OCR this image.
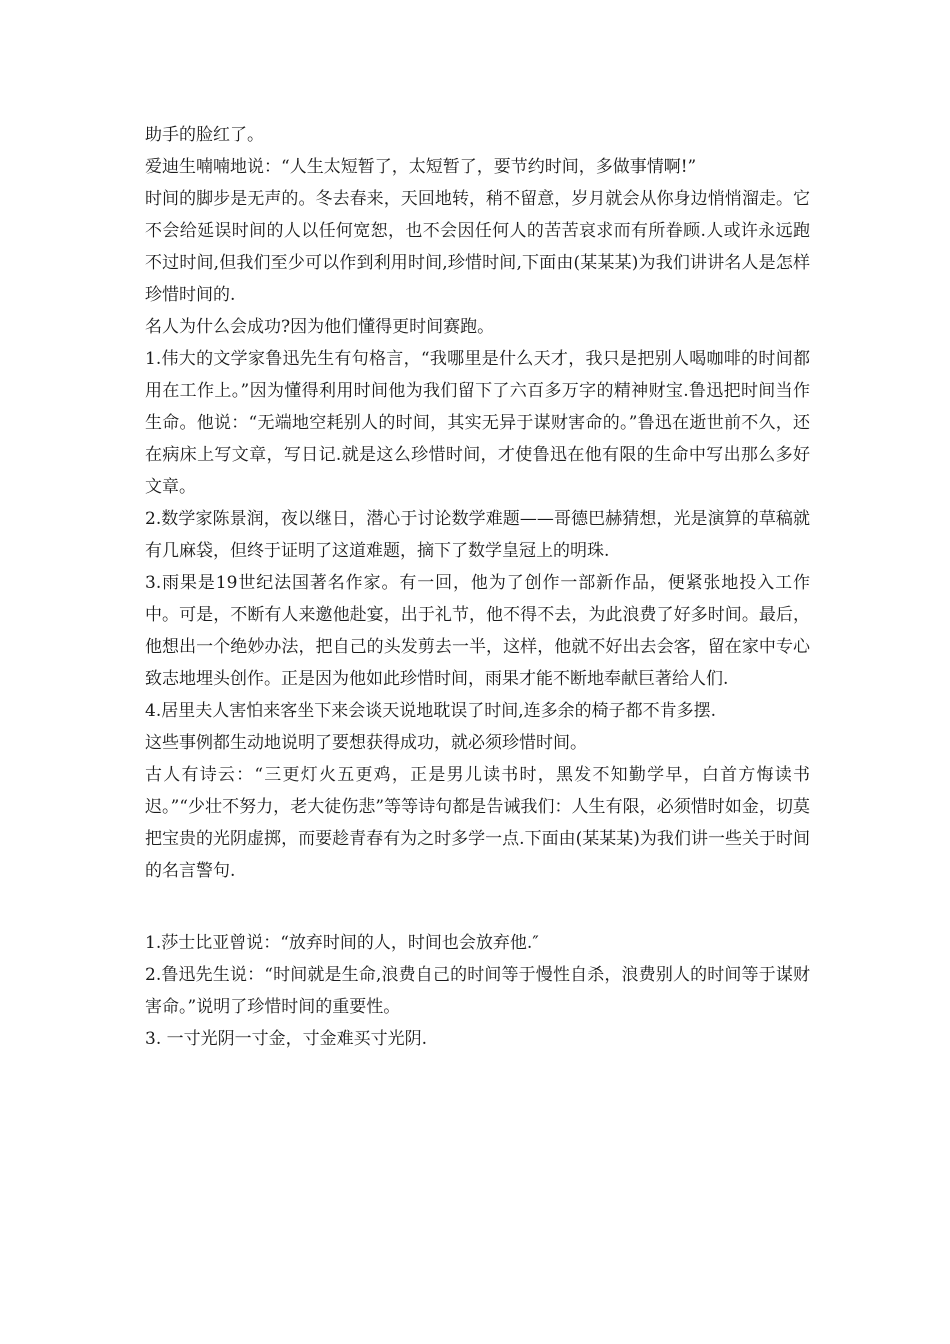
助手的脸红了。

爱迪生喃喃地说：“人生太短暂了，太短暂了，要节约时间，多做事情啊!”

时间的脚步是无声的。冬去春来，天回地转，稍不留意，岁月就会从你身边悄悄溜走。它不会给延误时间的人以任何宽恕，也不会因任何人的苦苦哀求而有所眷顾.人或许永远跑不过时间,但我们至少可以作到利用时间,珍惜时间,下面由(某某某)为我们讲讲名人是怎样珍惜时间的.

名人为什么会成功?因为他们懂得更时间赛跑。

1.伟大的文学家鲁迅先生有句格言，“我哪里是什么天才，我只是把别人喝咖啡的时间都用在工作上。”因为懂得利用时间他为我们留下了六百多万字的精神财宝.鲁迅把时间当作生命。他说：“无端地空耗别人的时间，其实无异于谋财害命的。”鲁迅在逝世前不久，还在病床上写文章，写日记.就是这么珍惜时间，才使鲁迅在他有限的生命中写出那么多好文章。

2.数学家陈景润，夜以继日，潜心于讨论数学难题——哥德巴赫猜想，光是演算的草稿就有几麻袋，但终于证明了这道难题，摘下了数学皇冠上的明珠.

3.雨果是19世纪法国著名作家。有一回，他为了创作一部新作品，便紧张地投入工作中。可是，不断有人来邀他赴宴，出于礼节，他不得不去，为此浪费了好多时间。最后，他想出一个绝妙办法，把自己的头发剪去一半，这样，他就不好出去会客，留在家中专心致志地埋头创作。正是因为他如此珍惜时间，雨果才能不断地奉献巨著给人们.

4.居里夫人害怕来客坐下来会谈天说地耽误了时间,连多余的椅子都不肯多摆.

这些事例都生动地说明了要想获得成功，就必须珍惜时间。

古人有诗云：“三更灯火五更鸡，正是男儿读书时，黑发不知勤学早，白首方悔读书迟。”“少壮不努力，老大徒伤悲”等等诗句都是告诫我们：人生有限，必须惜时如金，切莫把宝贵的光阴虚掷，而要趁青春有为之时多学一点.下面由(某某某)为我们讲一些关于时间的名言警句.

1.莎士比亚曾说：“放弃时间的人，时间也会放弃他.″

2.鲁迅先生说：“时间就是生命,浪费自己的时间等于慢性自杀，浪费别人的时间等于谋财害命。”说明了珍惜时间的重要性。

3. 一寸光阴一寸金，寸金难买寸光阴.
